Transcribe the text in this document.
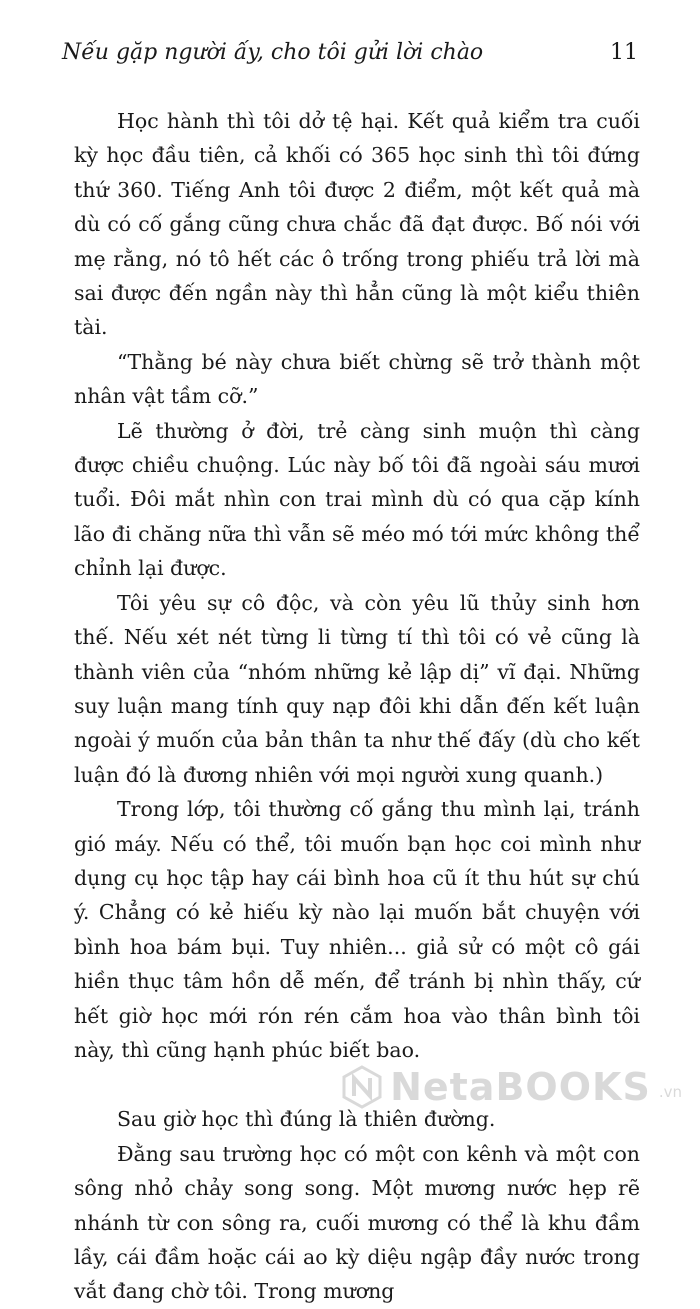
Nếu gặp người ấy, cho tôi gửi lời chào	11

Học hành thì tôi dở tệ hại. Kết quả kiểm tra cuối kỳ học đầu tiên, cả khối có 365 học sinh thì tôi đứng thứ 360. Tiếng Anh tôi được 2 điểm, một kết quả mà dù có cố gắng cũng chưa chắc đã đạt được. Bố nói với mẹ rằng, nó tô hết các ô trống trong phiếu trả lời mà sai được đến ngần này thì hẳn cũng là một kiểu thiên tài.

“Thằng bé này chưa biết chừng sẽ trở thành một nhân vật tầm cỡ.”

Lẽ thường ở đời, trẻ càng sinh muộn thì càng được chiều chuộng. Lúc này bố tôi đã ngoài sáu mươi tuổi. Đôi mắt nhìn con trai mình dù có qua cặp kính lão đi chăng nữa thì vẫn sẽ méo mó tới mức không thể chỉnh lại được.

Tôi yêu sự cô độc, và còn yêu lũ thủy sinh hơn thế. Nếu xét nét từng li từng tí thì tôi có vẻ cũng là thành viên của “nhóm những kẻ lập dị” vĩ đại. Những suy luận mang tính quy nạp đôi khi dẫn đến kết luận ngoài ý muốn của bản thân ta như thế đấy (dù cho kết luận đó là đương nhiên với mọi người xung quanh.)

Trong lớp, tôi thường cố gắng thu mình lại, tránh gió máy. Nếu có thể, tôi muốn bạn học coi mình như dụng cụ học tập hay cái bình hoa cũ ít thu hút sự chú ý. Chẳng có kẻ hiếu kỳ nào lại muốn bắt chuyện với bình hoa bám bụi. Tuy nhiên... giả sử có một cô gái hiền thục tâm hồn dễ mến, để tránh bị nhìn thấy, cứ hết giờ học mới rón rén cắm hoa vào thân bình tôi này, thì cũng hạnh phúc biết bao.

Sau giờ học thì đúng là thiên đường.

Đằng sau trường học có một con kênh và một con sông nhỏ chảy song song. Một mương nước hẹp rẽ nhánh từ con sông ra, cuối mương có thể là khu đầm lầy, cái đầm hoặc cái ao kỳ diệu ngập đầy nước trong vắt đang chờ tôi. Trong mương

NetaBOOKS .vn
